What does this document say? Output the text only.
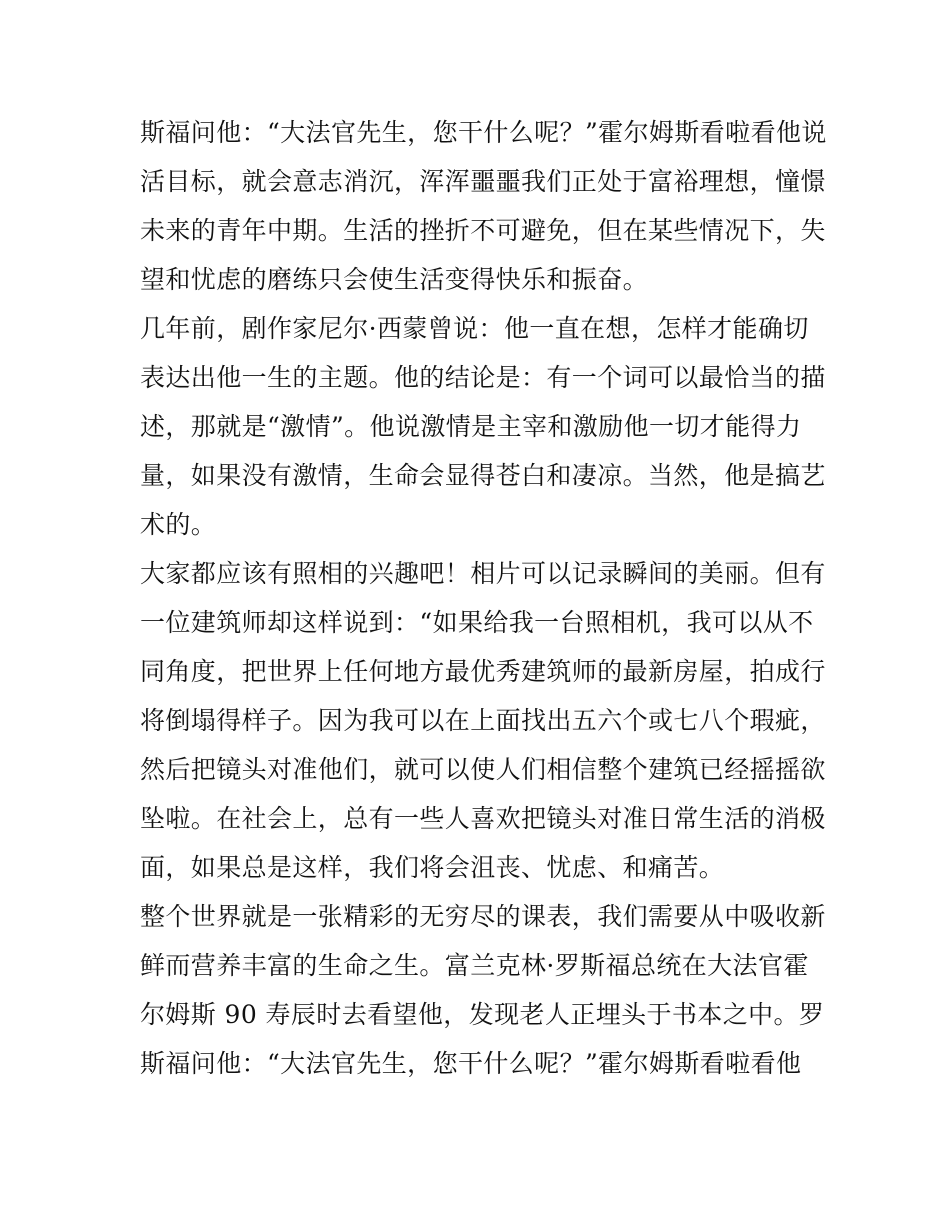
斯福问他：“大法官先生，您干什么呢？”霍尔姆斯看啦看他说
活目标，就会意志消沉，浑浑噩噩我们正处于富裕理想，憧憬
未来的青年中期。生活的挫折不可避免，但在某些情况下，失
望和忧虑的磨练只会使生活变得快乐和振奋。
几年前，剧作家尼尔·西蒙曾说：他一直在想，怎样才能确切
表达出他一生的主题。他的结论是：有一个词可以最恰当的描
述，那就是“激情”。他说激情是主宰和激励他一切才能得力
量，如果没有激情，生命会显得苍白和凄凉。当然，他是搞艺
术的。
大家都应该有照相的兴趣吧！相片可以记录瞬间的美丽。但有
一位建筑师却这样说到：“如果给我一台照相机，我可以从不
同角度，把世界上任何地方最优秀建筑师的最新房屋，拍成行
将倒塌得样子。因为我可以在上面找出五六个或七八个瑕疵，
然后把镜头对准他们，就可以使人们相信整个建筑已经摇摇欲
坠啦。在社会上，总有一些人喜欢把镜头对准日常生活的消极
面，如果总是这样，我们将会沮丧、忧虑、和痛苦。
整个世界就是一张精彩的无穷尽的课表，我们需要从中吸收新
鲜而营养丰富的生命之生。富兰克林·罗斯福总统在大法官霍
尔姆斯 90 寿辰时去看望他，发现老人正埋头于书本之中。罗
斯福问他：“大法官先生，您干什么呢？”霍尔姆斯看啦看他
